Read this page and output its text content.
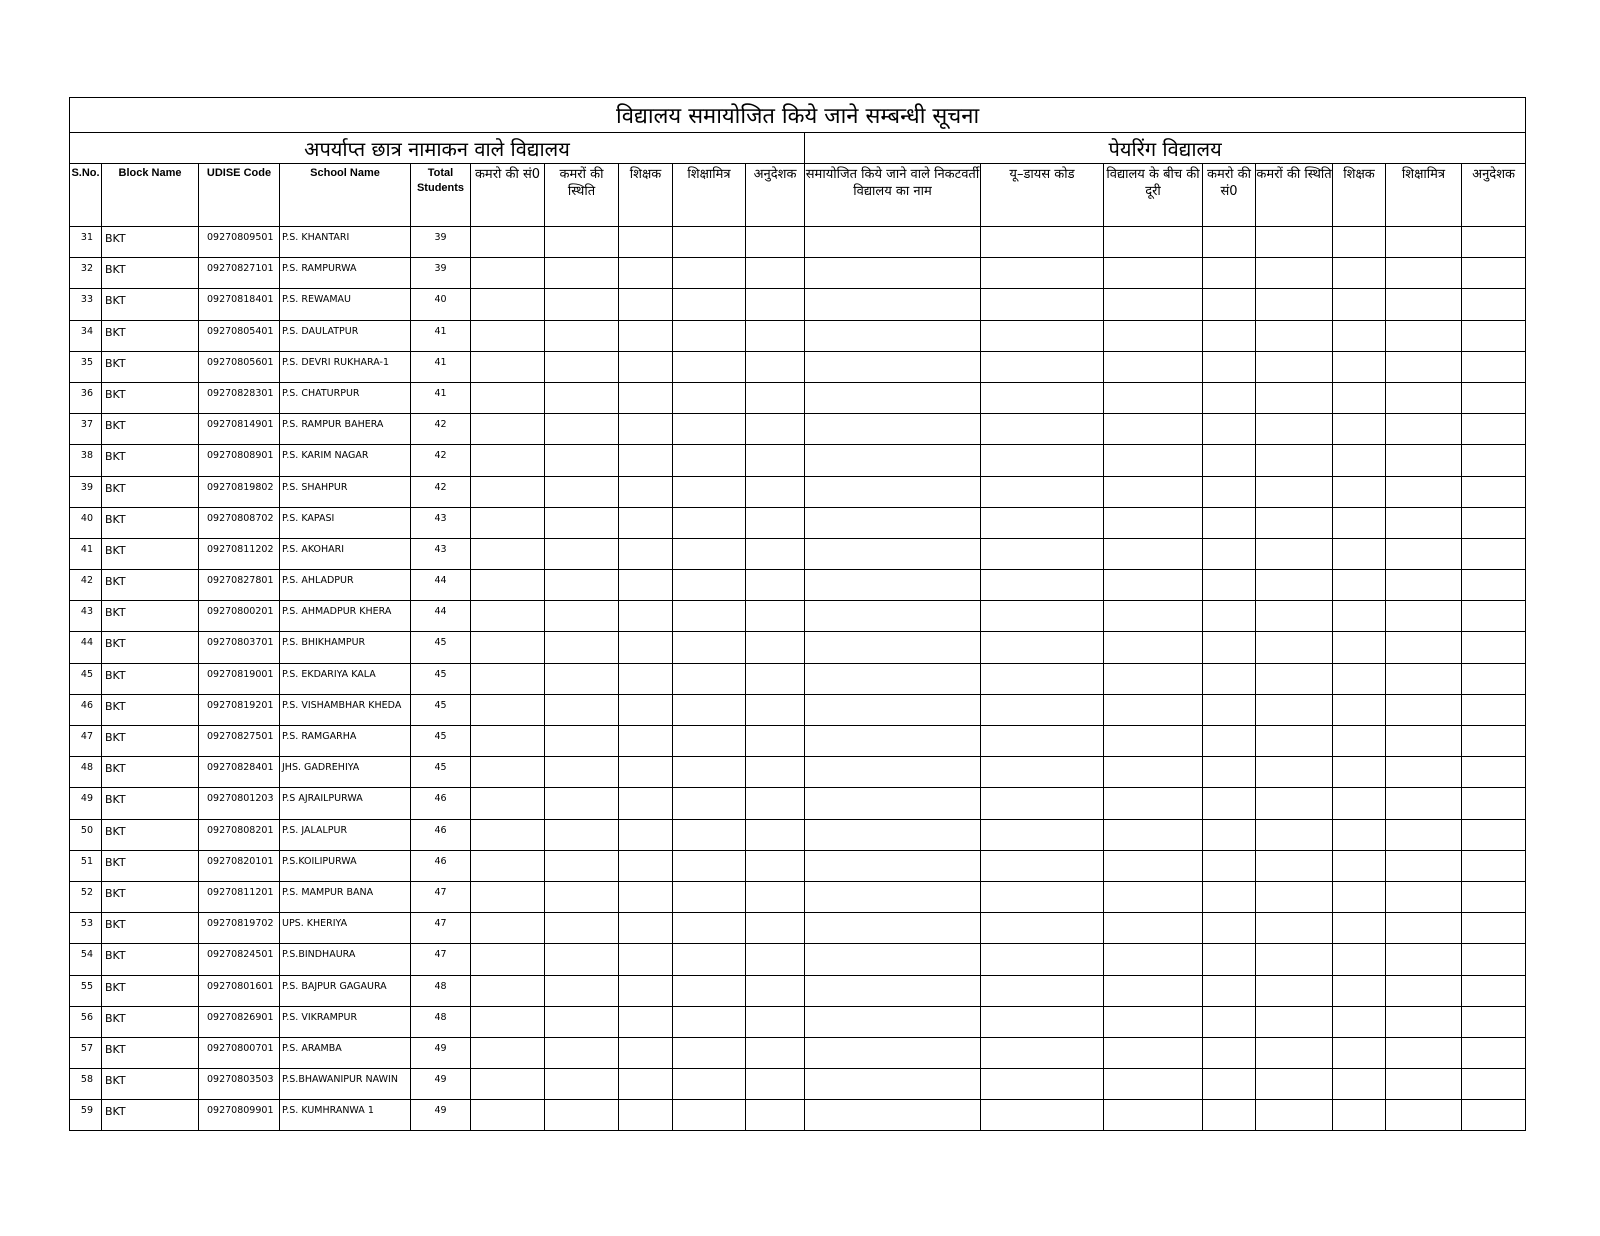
विद्यालय समायोजित किये जाने सम्बन्धी सूचना																	
अपर्याप्त छात्र नामाकन वाले विद्यालय										पेयरिंग विद्यालय							
S.No.	Block Name	UDISE Code	School Name	Total Students	कमरो की सं0	कमरों की स्थिति	शिक्षक	शिक्षामित्र	अनुदेशक	समायोजित किये जाने वाले निकटवर्ती विद्यालय का नाम	यू–डायस कोड	विद्यालय के बीच की दूरी	कमरो की सं0	कमरों की स्थिति	शिक्षक	शिक्षामित्र	अनुदेशक
31	BKT	09270809501	P.S. KHANTARI	39													
32	BKT	09270827101	P.S. RAMPURWA	39													
33	BKT	09270818401	P.S. REWAMAU	40													
34	BKT	09270805401	P.S. DAULATPUR	41													
35	BKT	09270805601	P.S. DEVRI RUKHARA-1	41													
36	BKT	09270828301	P.S. CHATURPUR	41													
37	BKT	09270814901	P.S. RAMPUR BAHERA	42													
38	BKT	09270808901	P.S. KARIM NAGAR	42													
39	BKT	09270819802	P.S. SHAHPUR	42													
40	BKT	09270808702	P.S. KAPASI	43													
41	BKT	09270811202	P.S. AKOHARI	43													
42	BKT	09270827801	P.S. AHLADPUR	44													
43	BKT	09270800201	P.S. AHMADPUR KHERA	44													
44	BKT	09270803701	P.S. BHIKHAMPUR	45													
45	BKT	09270819001	P.S. EKDARIYA KALA	45													
46	BKT	09270819201	P.S. VISHAMBHAR KHEDA	45													
47	BKT	09270827501	P.S. RAMGARHA	45													
48	BKT	09270828401	JHS. GADREHIYA	45													
49	BKT	09270801203	P.S AJRAILPURWA	46													
50	BKT	09270808201	P.S. JALALPUR	46													
51	BKT	09270820101	P.S.KOILIPURWA	46													
52	BKT	09270811201	P.S. MAMPUR BANA	47													
53	BKT	09270819702	UPS. KHERIYA	47													
54	BKT	09270824501	P.S.BINDHAURA	47													
55	BKT	09270801601	P.S. BAJPUR GAGAURA	48													
56	BKT	09270826901	P.S. VIKRAMPUR	48													
57	BKT	09270800701	P.S. ARAMBA	49													
58	BKT	09270803503	P.S.BHAWANIPUR NAWIN	49													
59	BKT	09270809901	P.S. KUMHRANWA 1	49													
